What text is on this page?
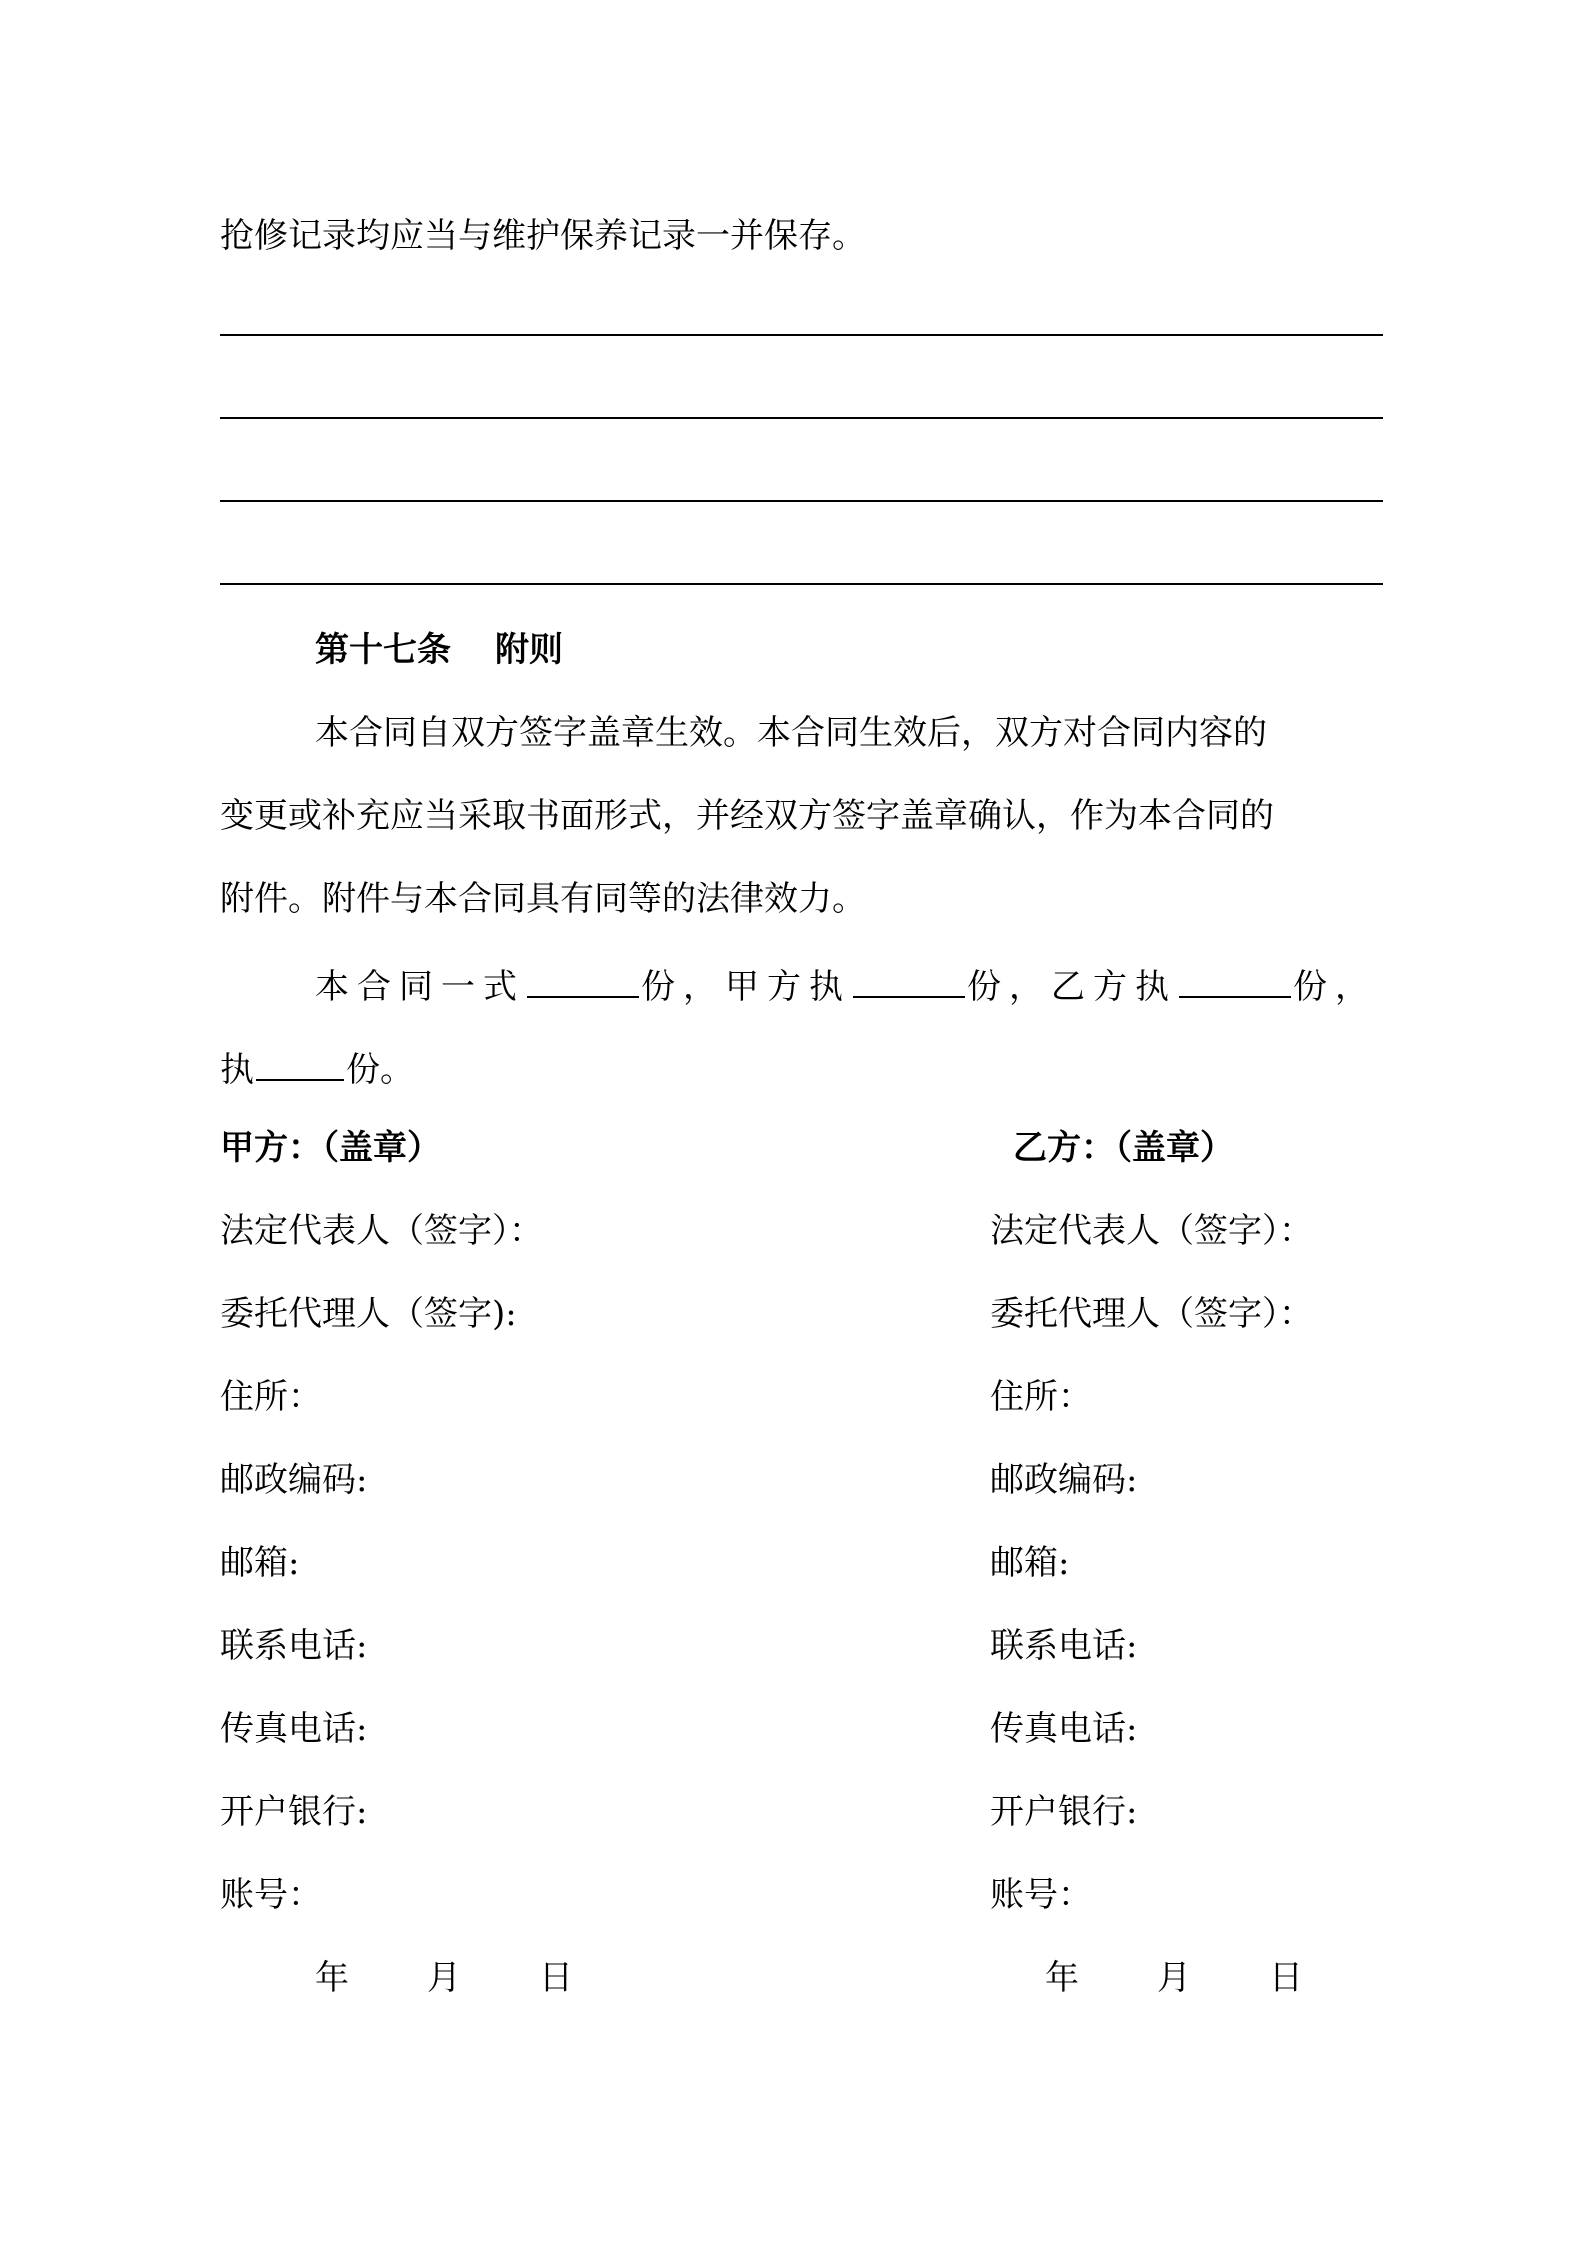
抢修记录均应当与维护保养记录一并保存。
第十七条 附则
本合同自双方签字盖章生效。本合同生效后，双方对合同内容的
变更或补充应当采取书面形式，并经双方签字盖章确认，作为本合同的
附件。附件与本合同具有同等的法律效力。
本合同一式	份，甲方执	份，乙方执	份，
执	份。
甲方：（盖章）	乙方：（盖章）
法定代表人（签字）：	法定代表人（签字）：
委托代理人（签字):	委托代理人（签字）：
住所：	住所：
邮政编码:	邮政编码:
邮箱:	邮箱:
联系电话:	联系电话:
传真电话:	传真电话:
开户银行:	开户银行:
账号：	账号：
年 月 日	年 月 日
